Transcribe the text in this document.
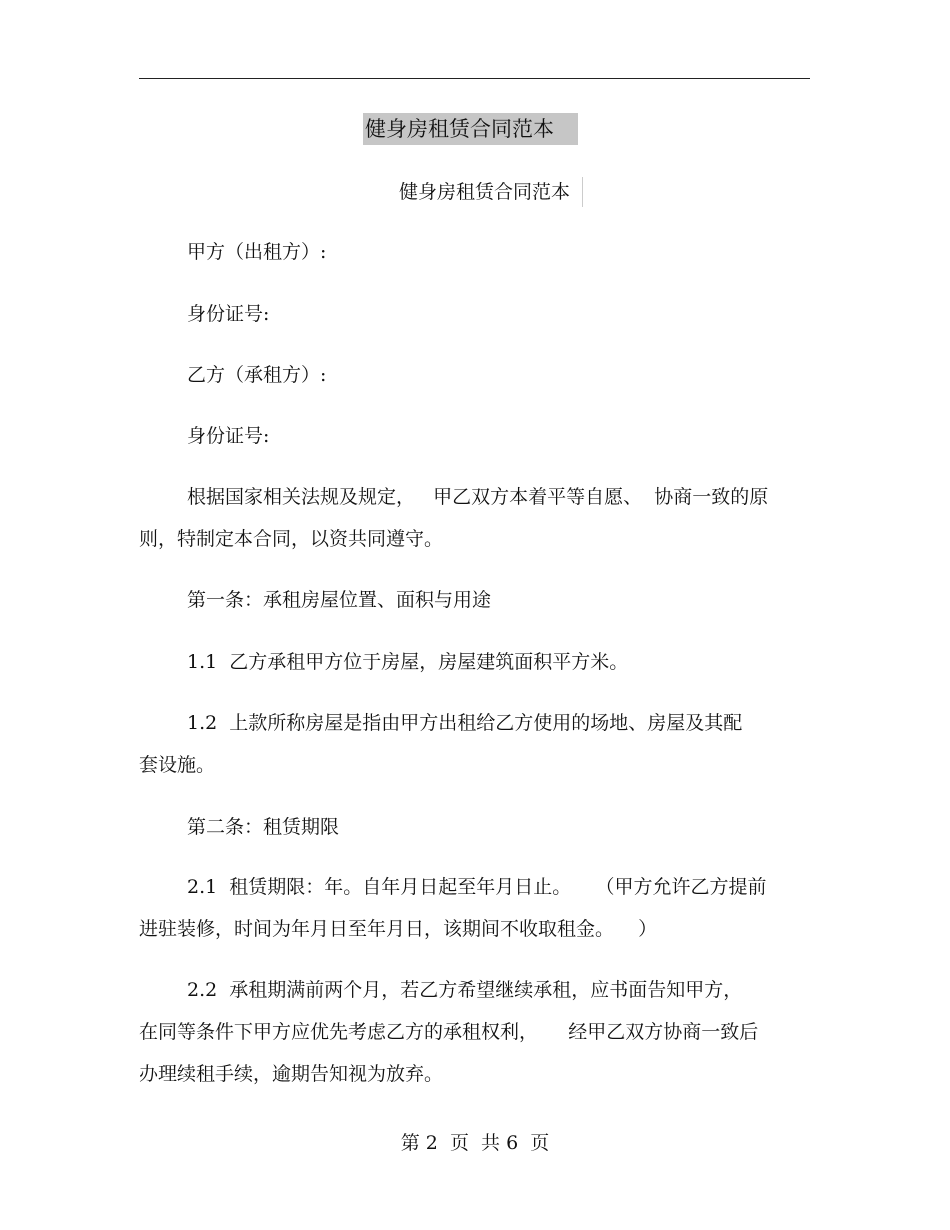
健身房租赁合同范本
健身房租赁合同范本
甲方（出租方）:
身份证号:
乙方（承租方）:
身份证号:
根据国家相关法规及规定，   甲乙双方本着平等自愿、  协商一致的原
则，特制定本合同，以资共同遵守。
第一条：承租房屋位置、面积与用途
1.1  乙方承租甲方位于房屋，房屋建筑面积平方米。
1.2  上款所称房屋是指由甲方出租给乙方使用的场地、房屋及其配
套设施。
第二条：租赁期限
2.1  租赁期限：年。自年月日起至年月日止。    （甲方允许乙方提前
进驻装修，时间为年月日至年月日，该期间不收取租金。    ）
2.2  承租期满前两个月，若乙方希望继续承租，应书面告知甲方，
在同等条件下甲方应优先考虑乙方的承租权利，     经甲乙双方协商一致后
办理续租手续，逾期告知视为放弃。
第 2  页  共 6  页
